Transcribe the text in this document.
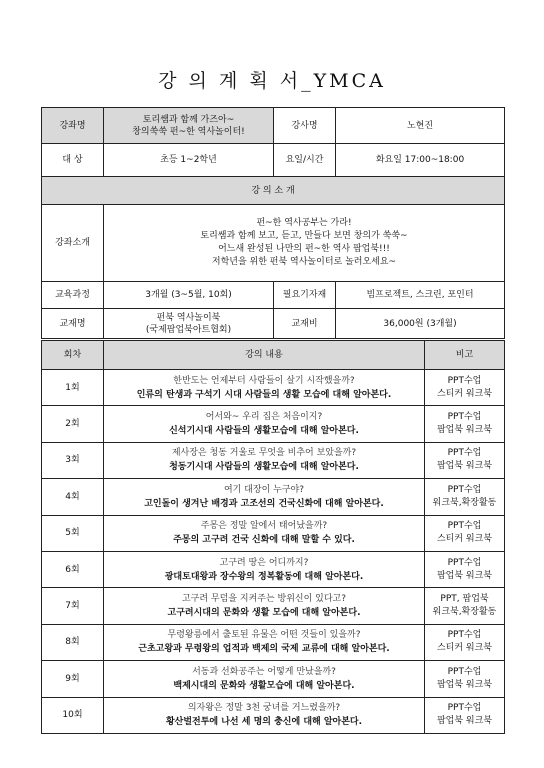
강 의 계 획 서_YMCA
강좌명	토리쌤과 함께 가즈아~
창의쑥쑥 펀~한 역사놀이터!	강사명	노현진
대 상	초등 1~2학년	요일/시간	화요일 17:00~18:00
강 의 소 개			
강좌소개	펀~한 역사공부는 가라!
토리쌤과 함께 보고, 듣고, 만들다 보면 창의가 쑥쑥~
어느새 완성된 나만의 펀~한 역사 팝업북!!!
저학년을 위한 펀북 역사놀이터로 놀러오세요~		

교육과정	3개월 (3~5월, 10회)	필요기자재	빔프로젝트, 스크린, 포인터
교재명	펀북 역사놀이북
(국제팝업북아트협회)	교재비	36,000원 (3개월)
회차	강의 내용	비고
1회	한반도는 언제부터 사람들이 살기 시작했을까?
인류의 탄생과 구석기 시대 사람들의 생활 모습에 대해 알아본다.	PPT수업
스티커 워크북

2회	어서와~ 우리 집은 처음이지?
신석기시대 사람들의 생활모습에 대해 알아본다.	PPT수업
팝업북 워크북

3회	제사장은 청동 거울로 무엇을 비추어 보았을까?
청동기시대 사람들의 생활모습에 대해 알아본다.	PPT수업
팝업북 워크북

4회	여기 대장이 누구야?
고인돌이 생겨난 배경과 고조선의 건국신화에 대해 알아본다.	PPT수업
워크북,확장활동

5회	주몽은 정말 알에서 태어났을까?
주몽의 고구려 건국 신화에 대해 말할 수 있다.	PPT수업
스티커 워크북

6회	고구려 땅은 어디까지?
광대토대왕과 장수왕의 정복활동에 대해 알아본다.	PPT수업
팝업북 워크북

7회	고구려 무덤을 지켜주는 방위신이 있다고?
고구려시대의 문화와 생활 모습에 대해 알아본다.	PPT, 팝업북
워크북,확장활동

8회	무령왕릉에서 출토된 유물은 어떤 것들이 있을까?
근초고왕과 무령왕의 업적과 백제의 국제 교류에 대해 알아본다.	PPT수업
스티커 워크북

9회	서동과 선화공주는 어떻게 만났을까?
백제시대의 문화와 생활모습에 대해 알아본다.	PPT수업
팝업북 워크북

10회	의자왕은 정말 3천 궁녀를 거느렸을까?
황산벌전투에 나선 세 명의 충신에 대해 알아본다.	PPT수업
팝업북 워크북
